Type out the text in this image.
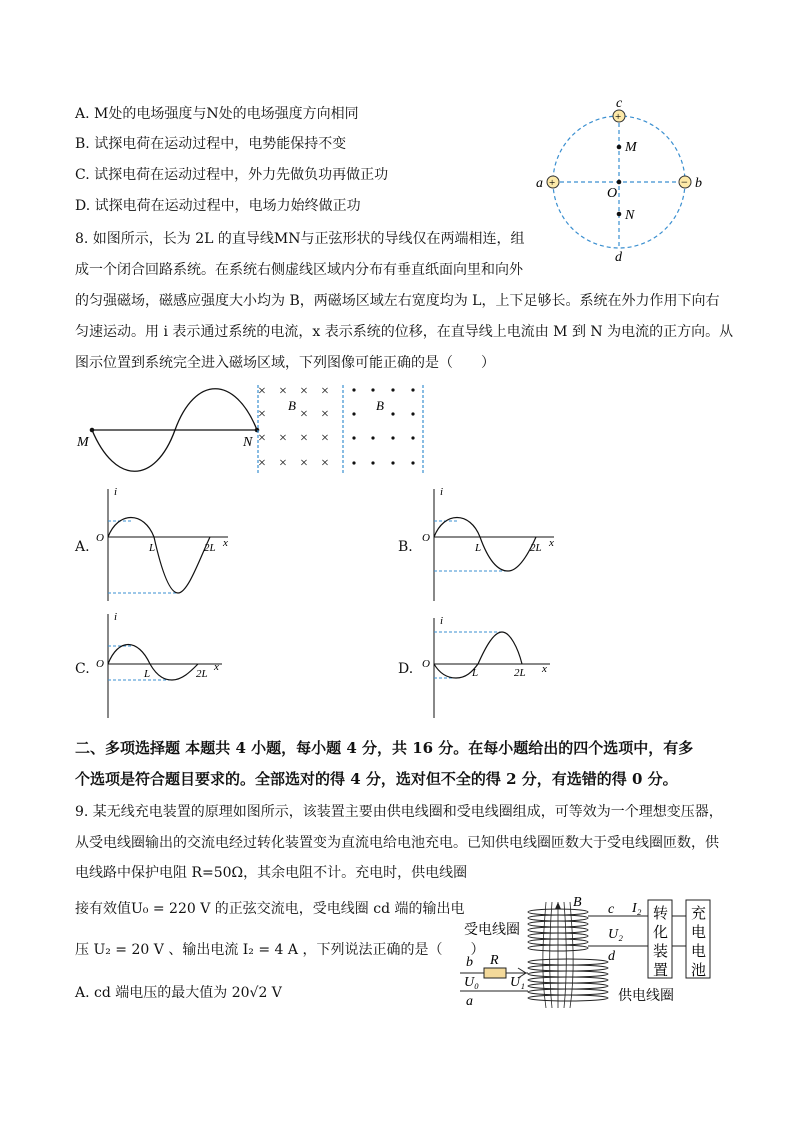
A. M处的电场强度与N处的电场强度方向相同
B. 试探电荷在运动过程中，电势能保持不变
C. 试探电荷在运动过程中，外力先做负功再做正功
D. 试探电荷在运动过程中，电场力始终做正功
+
+	−
c
M
a
O
b
N
d
8. 如图所示，长为 2L 的直导线MN与正弦形状的导线仅在两端相连，组
成一个闭合回路系统。在系统右侧虚线区域内分布有垂直纸面向里和向外
的匀强磁场，磁感应强度大小均为 B，两磁场区域左右宽度均为 L，上下足够长。系统在外力作用下向右
匀速运动。用 i 表示通过系统的电流，x 表示系统的位移，在直导线上电流由 M 到 N 为电流的正方向。从
图示位置到系统完全进入磁场区域，下列图像可能正确的是（　　）
M	N
× × × ×
× × ×
× × × ×
× × × ×
B	B
A.
i
O
L	2L x	B.
i
O
L	2L x
C.
i
O
L	2L
x	D.
i
O
L	2L x
二、多项选择题 本题共 4 小题，每小题 4 分，共 16 分。在每小题给出的四个选项中，有多
个选项是符合题目要求的。全部选对的得 4 分，选对但不全的得 2 分，有选错的得 0 分。
9. 某无线充电装置的原理如图所示，该装置主要由供电线圈和受电线圈组成，可等效为一个理想变压器，
从受电线圈输出的交流电经过转化装置变为直流电给电池充电。已知供电线圈匝数大于受电线圈匝数，供
电线路中保护电阻 R=50Ω，其余电阻不计。充电时，供电线圈
接有效值U₀ = 220 V 的正弦交流电，受电线圈 cd 端的输出电
压 U₂ = 20 V 、输出电流 I₂ = 4 A ，下列说法正确的是（　　）
A. cd 端电压的最大值为 20√2 V
受电线圈
供电线圈
B c
d
I₂
U₂
b
a
R
U₀ U₁
转
化
装
置
充
电
电
池
